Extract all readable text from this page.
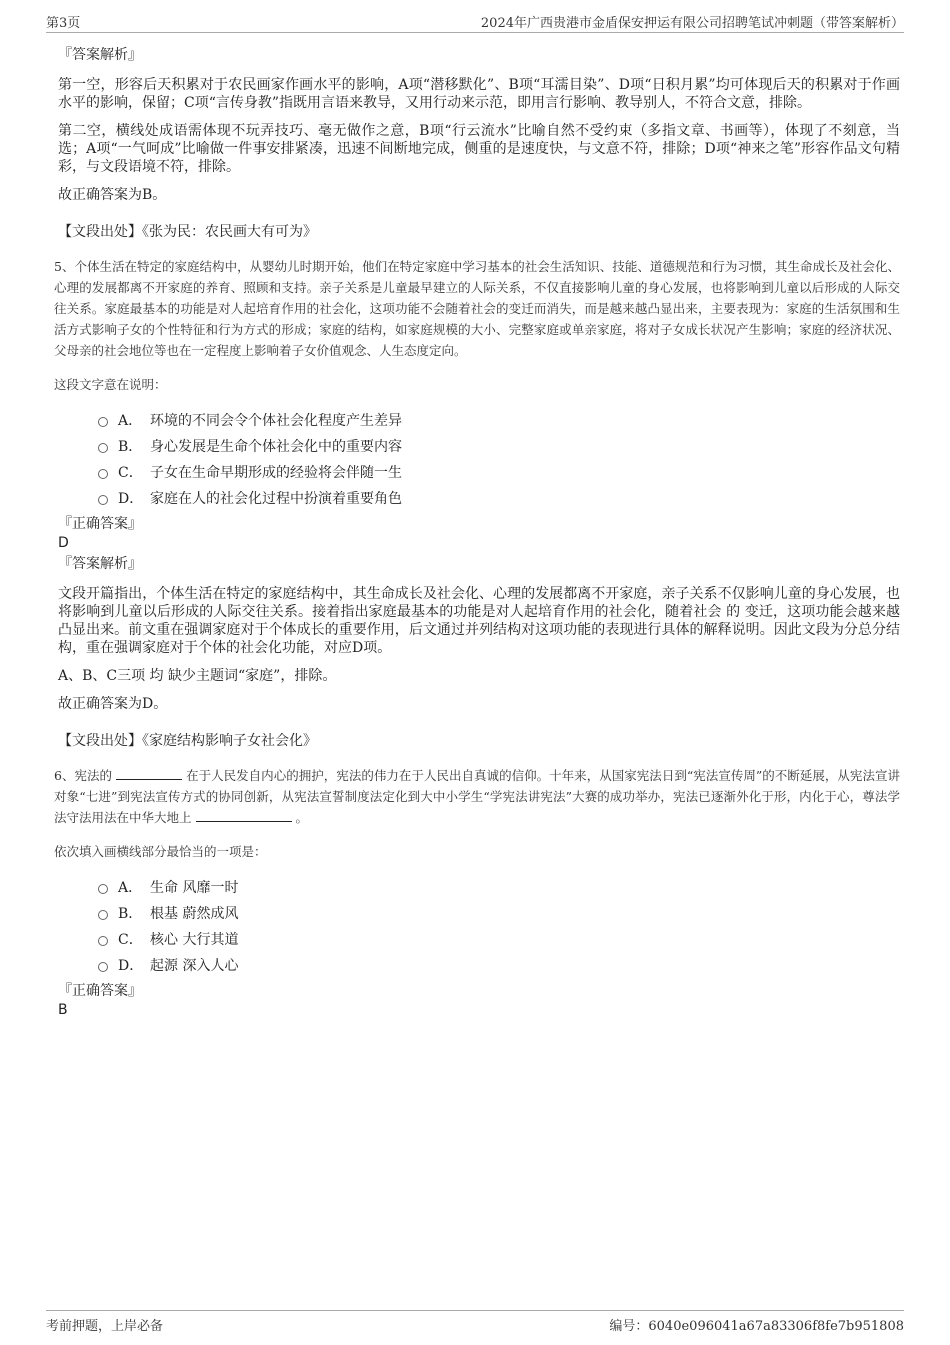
第3页	2024年广西贵港市金盾保安押运有限公司招聘笔试冲刺题（带答案解析）
『答案解析』
第一空，形容后天积累对于农民画家作画水平的影响，A项“潜移默化”、B项“耳濡目染”、D项“日积月累”均可体现后天的积累对于作画水平的影响，保留；C项“言传身教”指既用言语来教导，又用行动来示范，即用言行影响、教导别人，不符合文意，排除。
第二空，横线处成语需体现不玩弄技巧、毫无做作之意，B项“行云流水”比喻自然不受约束（多指文章、书画等），体现了不刻意，当选；A项“一气呵成”比喻做一件事安排紧凑，迅速不间断地完成，侧重的是速度快，与文意不符，排除；D项“神来之笔”形容作品文句精彩，与文段语境不符，排除。
故正确答案为B。
【文段出处】《张为民：农民画大有可为》
5、个体生活在特定的家庭结构中，从婴幼儿时期开始，他们在特定家庭中学习基本的社会生活知识、技能、道德规范和行为习惯，其生命成长及社会化、心理的发展都离不开家庭的养育、照顾和支持。亲子关系是儿童最早建立的人际关系，不仅直接影响儿童的身心发展，也将影响到儿童以后形成的人际交往关系。家庭最基本的功能是对人起培育作用的社会化，这项功能不会随着社会的变迁而消失，而是越来越凸显出来，主要表现为：家庭的生活氛围和生活方式影响子女的个性特征和行为方式的形成；家庭的结构，如家庭规模的大小、完整家庭或单亲家庭，将对子女成长状况产生影响；家庭的经济状况、父母亲的社会地位等也在一定程度上影响着子女价值观念、人生态度定向。
这段文字意在说明：
A． 环境的不同会令个体社会化程度产生差异
B． 身心发展是生命个体社会化中的重要内容
C． 子女在生命早期形成的经验将会伴随一生
D． 家庭在人的社会化过程中扮演着重要角色
『正确答案』
D
『答案解析』
文段开篇指出，个体生活在特定的家庭结构中，其生命成长及社会化、心理的发展都离不开家庭，亲子关系不仅影响儿童的身心发展，也将影响到儿童以后形成的人际交往关系。接着指出家庭最基本的功能是对人起培育作用的社会化，随着社会 的 变迁，这项功能会越来越凸显出来。前文重在强调家庭对于个体成长的重要作用，后文通过并列结构对这项功能的表现进行具体的解释说明。因此文段为分总分结构，重在强调家庭对于个体的社会化功能，对应D项。
A、B、C三项 均 缺少主题词“家庭”，排除。
故正确答案为D。
【文段出处】《家庭结构影响子女社会化》
6、宪法的	在于人民发自内心的拥护，宪法的伟力在于人民出自真诚的信仰。十年来，从国家宪法日到“宪法宣传周”的不断延展，从宪法宣讲对象“七进”到宪法宣传方式的协同创新，从宪法宣誓制度法定化到大中小学生“学宪法讲宪法”大赛的成功举办，宪法已逐渐外化于形，内化于心，尊法学法守法用法在中华大地上	。
依次填入画横线部分最恰当的一项是：
A． 生命 风靡一时
B． 根基 蔚然成风
C． 核心 大行其道
D． 起源 深入人心
『正确答案』
B
考前押题，上岸必备	编号：6040e096041a67a83306f8fe7b951808
